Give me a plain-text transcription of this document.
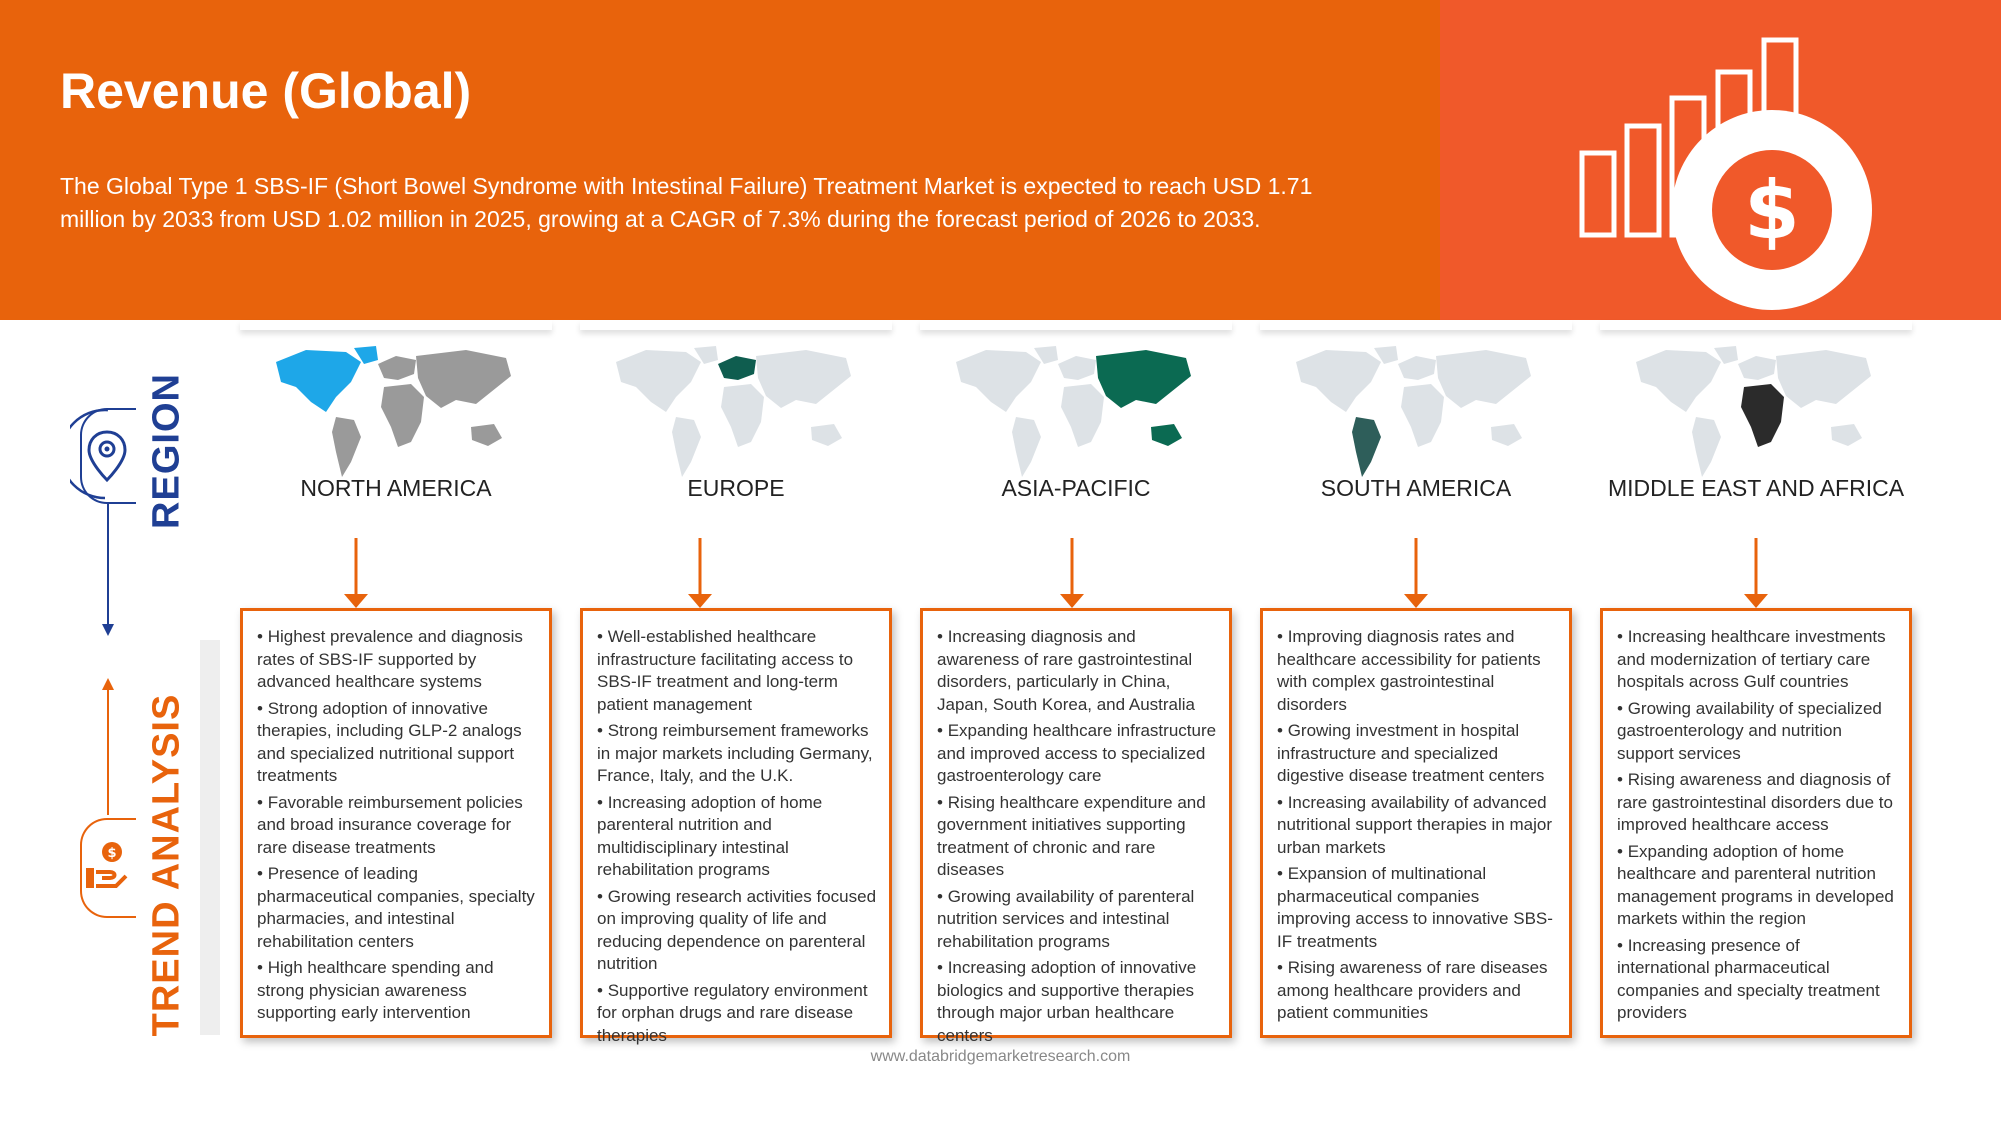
Revenue (Global)
The Global Type 1 SBS-IF (Short Bowel Syndrome with Intestinal Failure) Treatment Market is expected to reach USD 1.71 million by 2033 from USD 1.02 million in 2025, growing at a CAGR of 7.3% during the forecast period of 2026 to 2033.	$
$
REGION
TREND ANALYSIS
NORTH AMERICA
• Highest prevalence and diagnosis rates of SBS-IF supported by advanced healthcare systems
• Strong adoption of innovative therapies, including GLP-2 analogs and specialized nutritional support treatments
• Favorable reimbursement policies and broad insurance coverage for rare disease treatments
• Presence of leading pharmaceutical companies, specialty pharmacies, and intestinal rehabilitation centers
• High healthcare spending and strong physician awareness supporting early intervention
EUROPE
• Well-established healthcare infrastructure facilitating access to SBS-IF treatment and long-term patient management
• Strong reimbursement frameworks in major markets including Germany, France, Italy, and the U.K.
• Increasing adoption of home parenteral nutrition and multidisciplinary intestinal rehabilitation programs
• Growing research activities focused on improving quality of life and reducing dependence on parenteral nutrition
• Supportive regulatory environment for orphan drugs and rare disease therapies
ASIA-PACIFIC
• Increasing diagnosis and awareness of rare gastrointestinal disorders, particularly in China, Japan, South Korea, and Australia
• Expanding healthcare infrastructure and improved access to specialized gastroenterology care
• Rising healthcare expenditure and government initiatives supporting treatment of chronic and rare diseases
• Growing availability of parenteral nutrition services and intestinal rehabilitation programs
• Increasing adoption of innovative biologics and supportive therapies through major urban healthcare centers
SOUTH AMERICA
• Improving diagnosis rates and healthcare accessibility for patients with complex gastrointestinal disorders
• Growing investment in hospital infrastructure and specialized digestive disease treatment centers
• Increasing availability of advanced nutritional support therapies in major urban markets
• Expansion of multinational pharmaceutical companies improving access to innovative SBS-IF treatments
• Rising awareness of rare diseases among healthcare providers and patient communities
MIDDLE EAST AND AFRICA
• Increasing healthcare investments and modernization of tertiary care hospitals across Gulf countries
• Growing availability of specialized gastroenterology and nutrition support services
• Rising awareness and diagnosis of rare gastrointestinal disorders due to improved healthcare access
• Expanding adoption of home healthcare and parenteral nutrition management programs in developed markets within the region
• Increasing presence of international pharmaceutical companies and specialty treatment providers
www.databridgemarketresearch.com
